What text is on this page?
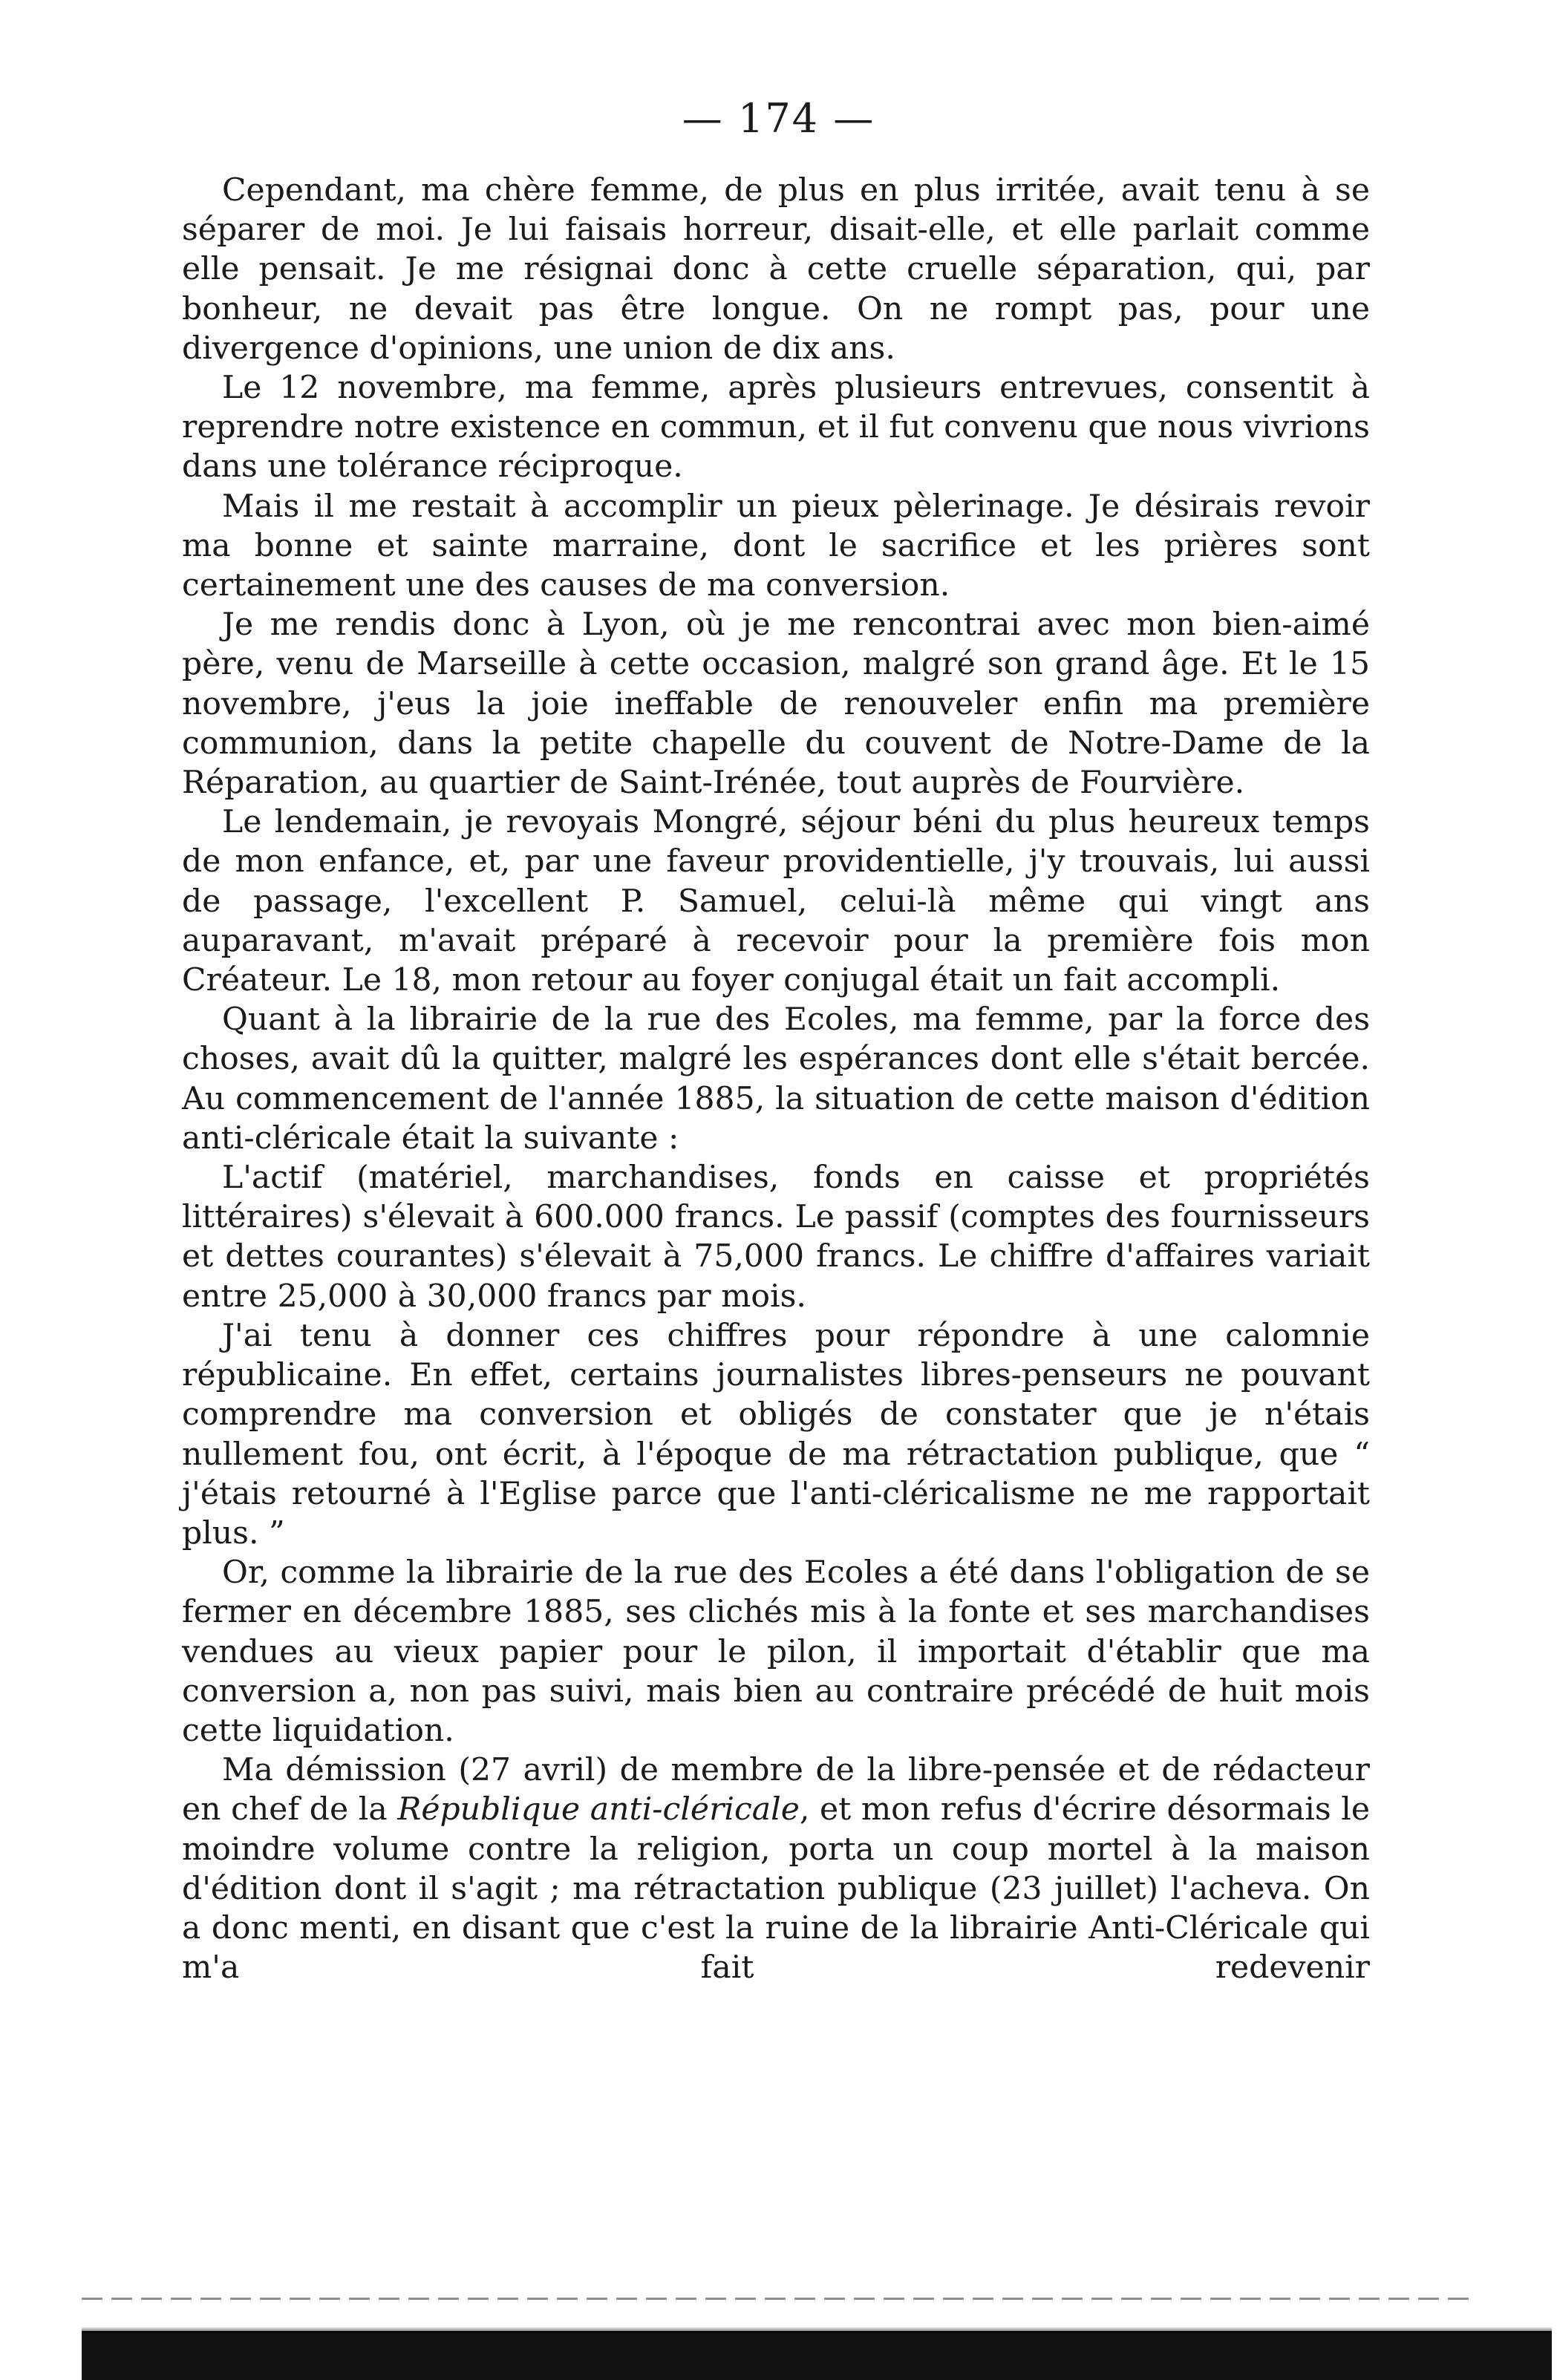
— 174 —

Cependant, ma chère femme, de plus en plus irritée, avait tenu à se séparer de moi. Je lui faisais horreur, disait-elle, et elle parlait comme elle pensait. Je me résignai donc à cette cruelle séparation, qui, par bonheur, ne devait pas être longue. On ne rompt pas, pour une divergence d'opinions, une union de dix ans.

Le 12 novembre, ma femme, après plusieurs entrevues, consentit à reprendre notre existence en commun, et il fut convenu que nous vivrions dans une tolérance réciproque.

Mais il me restait à accomplir un pieux pèlerinage. Je désirais revoir ma bonne et sainte marraine, dont le sacrifice et les prières sont certainement une des causes de ma conversion.

Je me rendis donc à Lyon, où je me rencontrai avec mon bien-aimé père, venu de Marseille à cette occasion, malgré son grand âge. Et le 15 novembre, j'eus la joie ineffable de renouveler enfin ma première communion, dans la petite chapelle du couvent de Notre-Dame de la Réparation, au quartier de Saint-Irénée, tout auprès de Fourvière.

Le lendemain, je revoyais Mongré, séjour béni du plus heureux temps de mon enfance, et, par une faveur providentielle, j'y trouvais, lui aussi de passage, l'excellent P. Samuel, celui-là même qui vingt ans auparavant, m'avait préparé à recevoir pour la première fois mon Créateur. Le 18, mon retour au foyer conjugal était un fait accompli.

Quant à la librairie de la rue des Ecoles, ma femme, par la force des choses, avait dû la quitter, malgré les espérances dont elle s'était bercée. Au commencement de l'année 1885, la situation de cette maison d'édition anti-cléricale était la suivante :

L'actif (matériel, marchandises, fonds en caisse et propriétés littéraires) s'élevait à 600.000 francs. Le passif (comptes des fournisseurs et dettes courantes) s'élevait à 75,000 francs. Le chiffre d'affaires variait entre 25,000 à 30,000 francs par mois.

J'ai tenu à donner ces chiffres pour répondre à une calomnie républicaine. En effet, certains journalistes libres-penseurs ne pouvant comprendre ma conversion et obligés de constater que je n'étais nullement fou, ont écrit, à l'époque de ma rétractation publique, que “ j'étais retourné à l'Eglise parce que l'anti-cléricalisme ne me rapportait plus. ”

Or, comme la librairie de la rue des Ecoles a été dans l'obligation de se fermer en décembre 1885, ses clichés mis à la fonte et ses marchandises vendues au vieux papier pour le pilon, il importait d'établir que ma conversion a, non pas suivi, mais bien au contraire précédé de huit mois cette liquidation.

Ma démission (27 avril) de membre de la libre-pensée et de rédacteur en chef de la République anti-cléricale, et mon refus d'écrire désormais le moindre volume contre la religion, porta un coup mortel à la maison d'édition dont il s'agit ; ma rétractation publique (23 juillet) l'acheva. On a donc menti, en disant que c'est la ruine de la librairie Anti-Cléricale qui m'a fait redevenir
